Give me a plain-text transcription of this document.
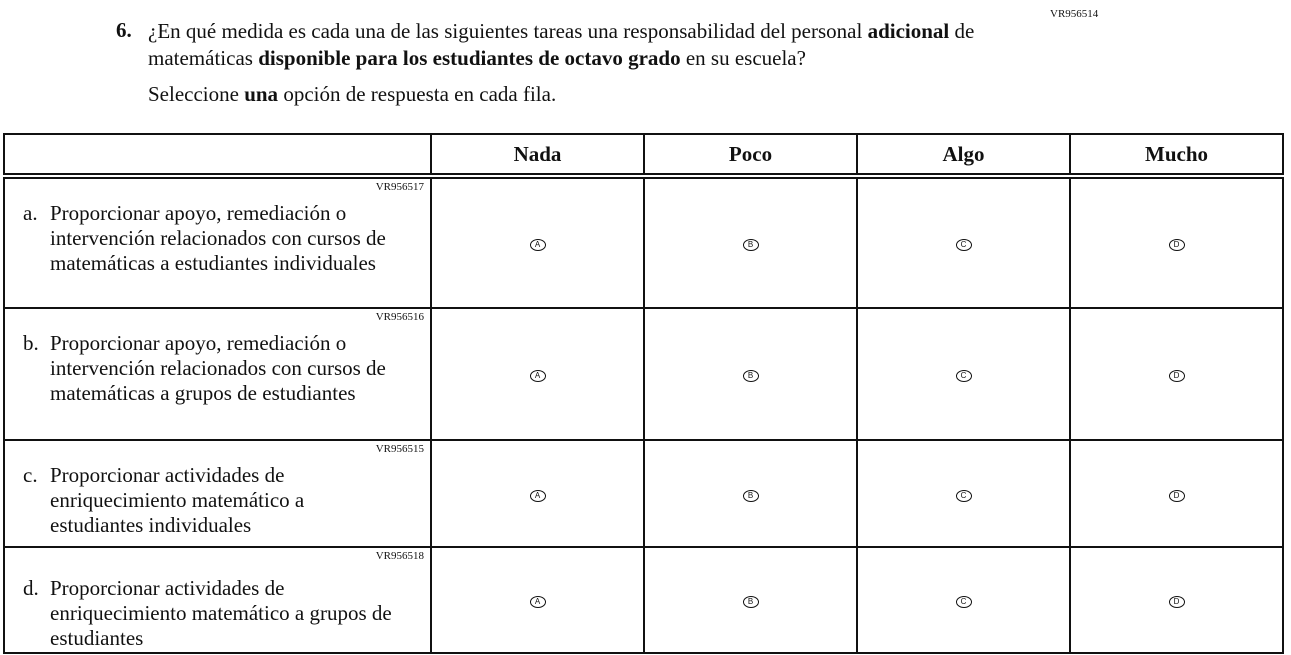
VR956514
6. ¿En qué medida es cada una de las siguientes tareas una responsabilidad del personal adicional de matemáticas disponible para los estudiantes de octavo grado en su escuela?
Seleccione una opción de respuesta en cada fila.
	Nada	Poco	Algo	Mucho

VR956517
a. Proporcionar apoyo, remediación o intervención relacionados con cursos de matemáticas a estudiantes individuales	A	B	C	D

VR956516
b. Proporcionar apoyo, remediación o intervención relacionados con cursos de matemáticas a grupos de estudiantes	A	B	C	D

VR956515
c. Proporcionar actividades de enriquecimiento matemático a estudiantes individuales	A	B	C	D

VR956518
d. Proporcionar actividades de enriquecimiento matemático a grupos de estudiantes	A	B	C	D
